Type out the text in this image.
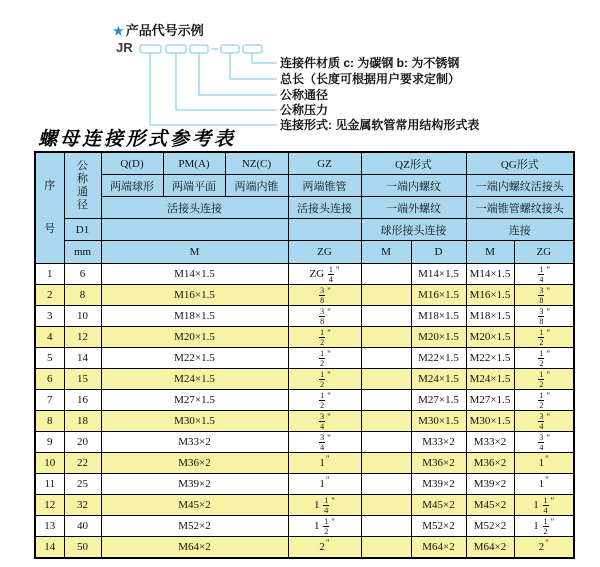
★ 产品代号示例
JR
连接件材质 c: 为碳钢 b: 为不锈钢
总长（长度可根据用户要求定制）
公称通径
公称压力
连接形式: 见金属软管常用结构形式表
螺母连接形式参考表
序
号	公
称
通
径	Q(D)	PM(A)	NZ(C)	GZ	QZ形式		QG形式	
		两端球形	两端平面	两端内锥	两端锥管	一端内螺纹		一端内螺纹活接头	
		活接头连接			活接头连接	一端外螺纹		一端锥管螺纹接头	
	D1					球形接头连接		连接	
	mm	M			ZG	M	D	M	ZG
1	6	M14×1.5			ZG $\frac{1}{4}$ "		M14×1.5	M14×1.5	$\frac{1}{4}$ "
2	8	M16×1.5			$\frac{3}{8}$ "		M16×1.5	M16×1.5	$\frac{3}{8}$ "
3	10	M18×1.5			$\frac{3}{8}$ "		M18×1.5	M18×1.5	$\frac{3}{8}$ "
4	12	M20×1.5			$\frac{1}{2}$ "		M20×1.5	M20×1.5	$\frac{1}{2}$ "
5	14	M22×1.5			$\frac{1}{2}$ "		M22×1.5	M22×1.5	$\frac{1}{2}$ "
6	15	M24×1.5			$\frac{1}{2}$ "		M24×1.5	M24×1.5	$\frac{1}{2}$ "
7	16	M27×1.5			$\frac{1}{2}$ "		M27×1.5	M27×1.5	$\frac{1}{2}$ "
8	18	M30×1.5			$\frac{3}{4}$ "		M30×1.5	M30×1.5	$\frac{3}{4}$ "
9	20	M33×2			$\frac{3}{4}$ "		M33×2	M33×2	$\frac{3}{4}$ "
10	22	M36×2			1"		M36×2	M36×2	1"
11	25	M39×2			1"		M39×2	M39×2	1"
12	32	M45×2			$1 \frac{1}{4}$ "		M45×2	M45×2	$1 \frac{1}{4}$ "
13	40	M52×2			$1 \frac{1}{2}$ "		M52×2	M52×2	$1 \frac{1}{2}$ "
14	50	M64×2			2"		M64×2	M64×2	2"
